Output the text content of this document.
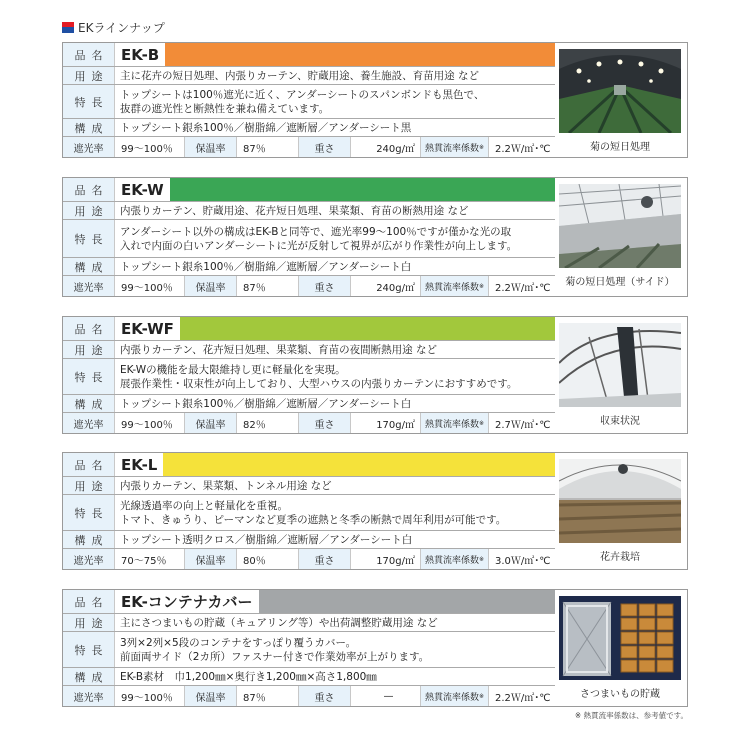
EKラインナップ
品名 EK-B
用途	主に花卉の短日処理、内張りカーテン、貯蔵用途、養生施設、育苗用途 など
特長
トップシートは100％遮光に近く、アンダーシートのスパンボンドも黒色で、
抜群の遮光性と断熱性を兼ね備えています。
構成	トップシート銀糸100％／樹脂綿／遮断層／アンダーシート黒
遮光率	99～100％	保温率	87％	重さ	240g/㎡	熱貫流率係数 ※	2.2Ｗ/㎡･℃	菊の短日処理
品名 EK-W
用途	内張りカーテン、貯蔵用途、花卉短日処理、果菜類、育苗の断熱用途 など
特長
アンダーシート以外の構成はEK-Bと同等で、遮光率99～100％ですが僅かな光の取
入れで内面の白いアンダーシートに光が反射して視界が広がり作業性が向上します。
構成	トップシート銀糸100％／樹脂綿／遮断層／アンダーシート白
遮光率	99～100％	保温率	87％	重さ	240g/㎡	熱貫流率係数 ※	2.2Ｗ/㎡･℃	菊の短日処理（サイド）
品名 EK-WF
用途	内張りカーテン、花卉短日処理、果菜類、育苗の夜間断熱用途 など
特長
EK-Wの機能を最大限維持し更に軽量化を実現。
展張作業性・収束性が向上しており、大型ハウスの内張りカーテンにおすすめです。
構成	トップシート銀糸100％／樹脂綿／遮断層／アンダーシート白
遮光率	99～100％	保温率	82％	重さ	170g/㎡	熱貫流率係数 ※	2.7Ｗ/㎡･℃	収束状況
品名 EK-L
用途	内張りカーテン、果菜類、トンネル用途 など
特長
光線透過率の向上と軽量化を重視。
トマト、きゅうり、ピーマンなど夏季の遮熱と冬季の断熱で周年利用が可能です。
構成	トップシート透明クロス／樹脂綿／遮断層／アンダーシート白
遮光率	70～75％	保温率	80％	重さ	170g/㎡	熱貫流率係数 ※	3.0Ｗ/㎡･℃	花卉栽培
品名 EK-コンテナカバー
用途	主にさつまいもの貯蔵（キュアリング等）や出荷調整貯蔵用途 など
特長
3列×2列×5段のコンテナをすっぽり覆うカバー。
前面両サイド（2カ所）ファスナー付きで作業効率が上がります。
構成	EK-B素材　巾1,200㎜×奥行き1,200㎜×高さ1,800㎜
遮光率	99～100％	保温率	87％	重さ	—	熱貫流率係数 ※	2.2Ｗ/㎡･℃	さつまいもの貯蔵
※ 熱貫流率係数は、参考値です。
